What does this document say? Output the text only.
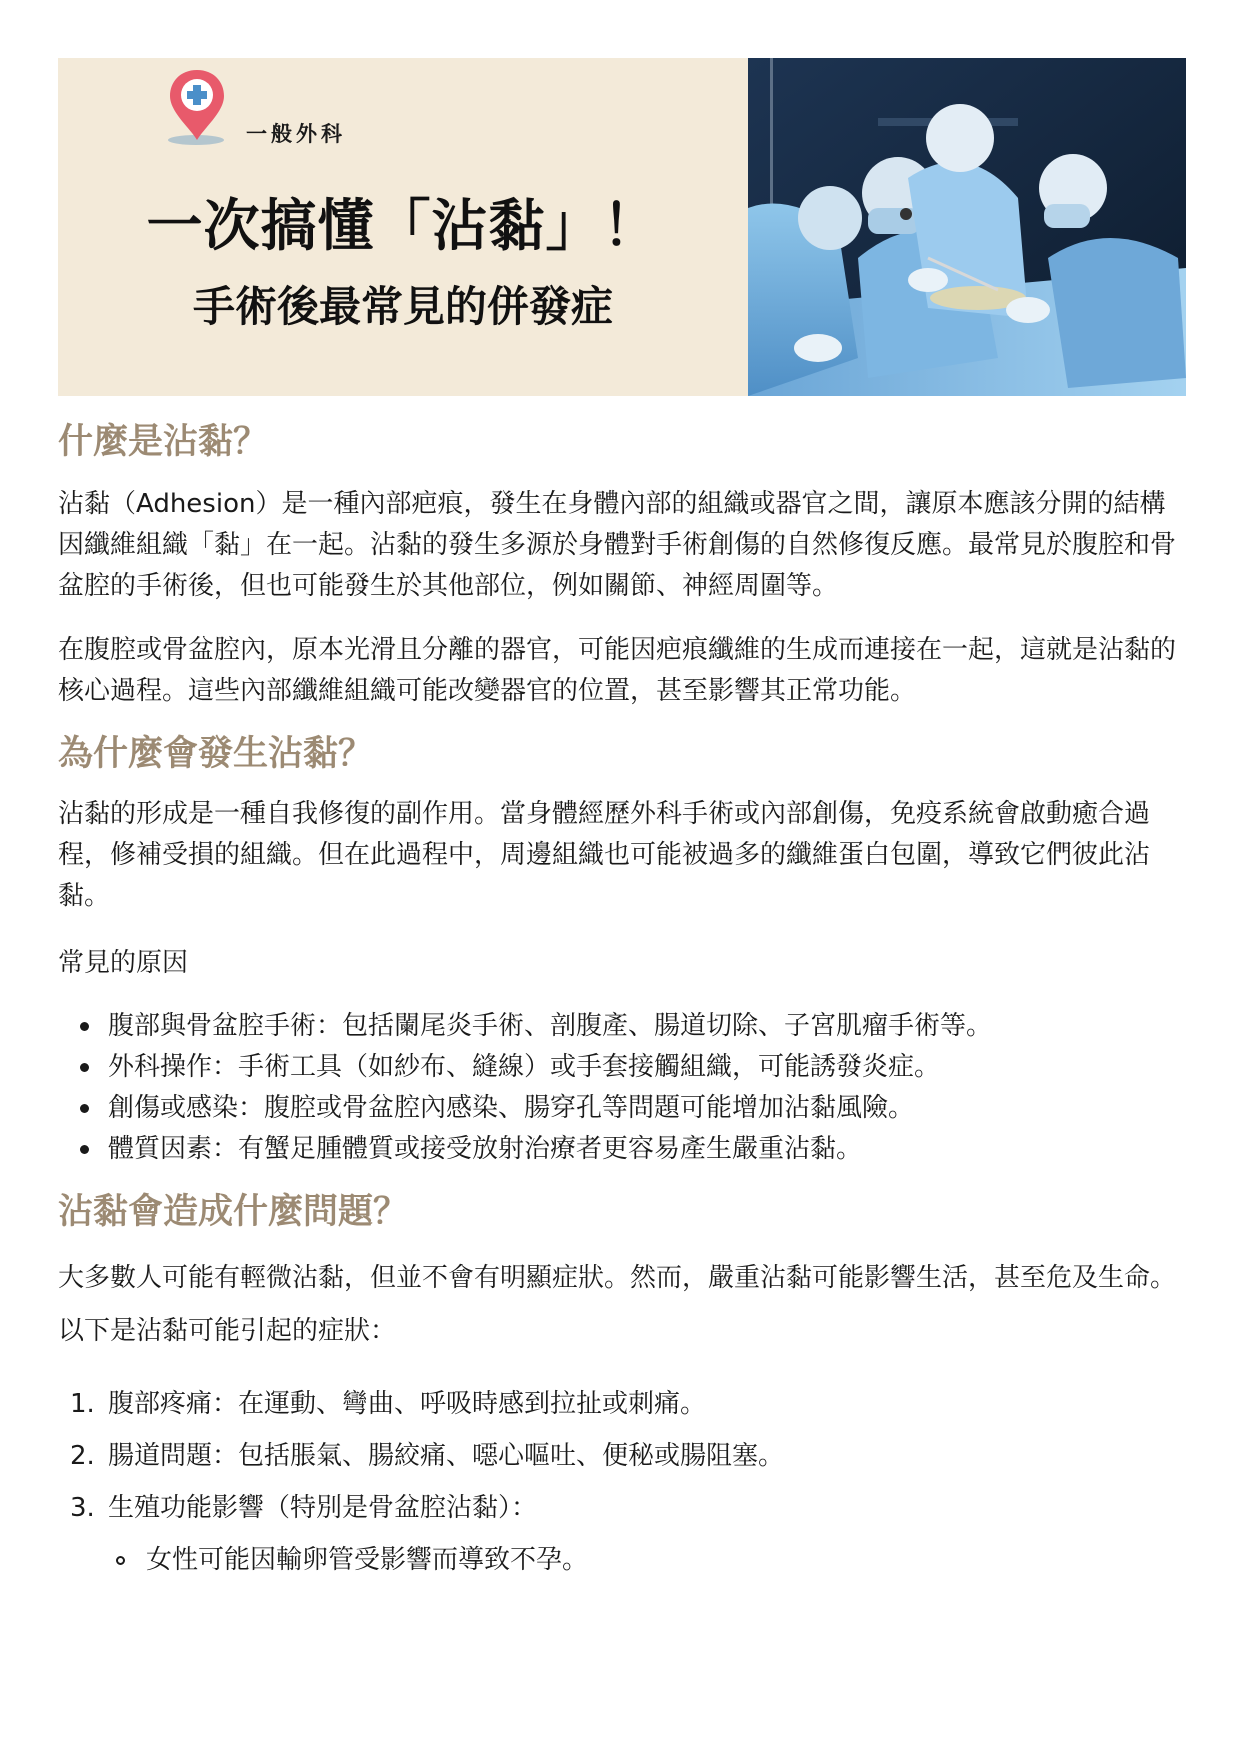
一般外科
一次搞懂「沾黏」！
手術後最常見的併發症
什麼是沾黏？

沾黏（Adhesion）是一種內部疤痕，發生在身體內部的組織或器官之間，讓原本應該分開的結構因纖維組織「黏」在一起。沾黏的發生多源於身體對手術創傷的自然修復反應。最常見於腹腔和骨盆腔的手術後，但也可能發生於其他部位，例如關節、神經周圍等。

在腹腔或骨盆腔內，原本光滑且分離的器官，可能因疤痕纖維的生成而連接在一起，這就是沾黏的核心過程。這些內部纖維組織可能改變器官的位置，甚至影響其正常功能。

為什麼會發生沾黏？

沾黏的形成是一種自我修復的副作用。當身體經歷外科手術或內部創傷，免疫系統會啟動癒合過程，修補受損的組織。但在此過程中，周邊組織也可能被過多的纖維蛋白包圍，導致它們彼此沾黏。

常見的原因

腹部與骨盆腔手術：包括闌尾炎手術、剖腹產、腸道切除、子宮肌瘤手術等。
外科操作：手術工具（如紗布、縫線）或手套接觸組織，可能誘發炎症。
創傷或感染：腹腔或骨盆腔內感染、腸穿孔等問題可能增加沾黏風險。
體質因素：有蟹足腫體質或接受放射治療者更容易產生嚴重沾黏。
沾黏會造成什麼問題？

大多數人可能有輕微沾黏，但並不會有明顯症狀。然而，嚴重沾黏可能影響生活，甚至危及生命。以下是沾黏可能引起的症狀：

1. 腹部疼痛：在運動、彎曲、呼吸時感到拉扯或刺痛。
2. 腸道問題：包括脹氣、腸絞痛、噁心嘔吐、便秘或腸阻塞。
3. 生殖功能影響（特別是骨盆腔沾黏）：
女性可能因輸卵管受影響而導致不孕。
